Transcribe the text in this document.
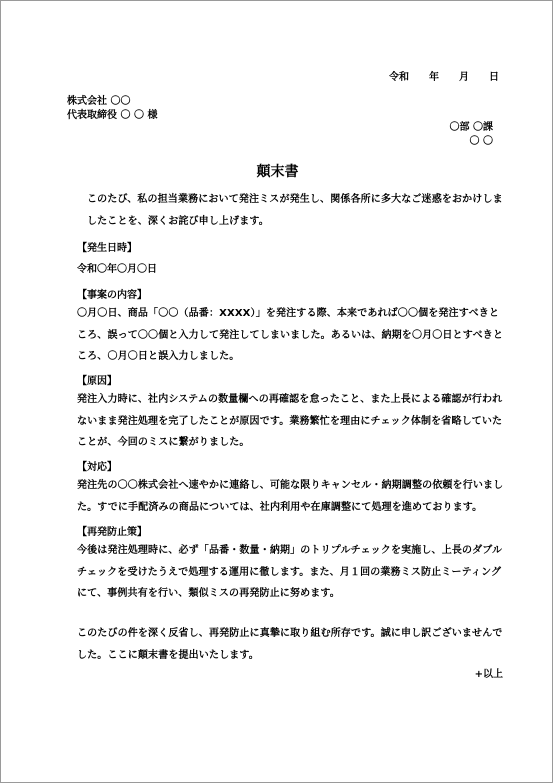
令和　　年　　月　　日
株式会社 〇〇
代表取締役 〇 〇 様
〇部 〇課
〇 〇
顛末書
このたび、私の担当業務において発注ミスが発生し、関係各所に多大なご迷惑をおかけしましたことを、深くお詫び申し上げます。
【発生日時】
令和〇年〇月〇日
【事案の内容】
〇月〇日、商品「〇〇（品番：XXXX）」を発注する際、本来であれば〇〇個を発注すべきところ、誤って〇〇個と入力して発注してしまいました。あるいは、納期を〇月〇日とすべきところ、〇月〇日と誤入力しました。
【原因】
発注入力時に、社内システムの数量欄への再確認を怠ったこと、また上長による確認が行われないまま発注処理を完了したことが原因です。業務繁忙を理由にチェック体制を省略していたことが、今回のミスに繋がりました。
【対応】
発注先の〇〇株式会社へ速やかに連絡し、可能な限りキャンセル・納期調整の依頼を行いました。すでに手配済みの商品については、社内利用や在庫調整にて処理を進めております。
【再発防止策】
今後は発注処理時に、必ず「品番・数量・納期」のトリプルチェックを実施し、上長のダブルチェックを受けたうえで処理する運用に徹します。また、月１回の業務ミス防止ミーティングにて、事例共有を行い、類似ミスの再発防止に努めます。
このたびの件を深く反省し、再発防止に真摯に取り組む所存です。誠に申し訳ございませんでした。ここに顛末書を提出いたします。
+以上
